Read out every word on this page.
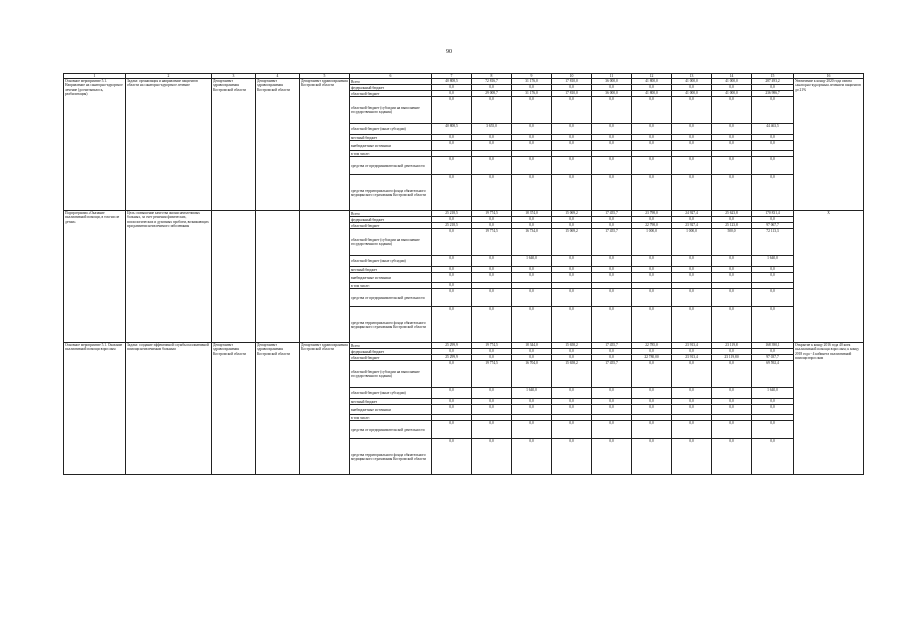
90
1	2	3	4	5	6	7	8	9	10	11	12	13	14	15	16
Основное мероприятие 5.1. Направление на санаторно-курортное лечение (досчитывалось, реабилитация)	Задача: организация и направление пациентов области на санаторно-курортное лечение	Департамент здравоохранения Костромской области	Департамент здравоохранения Костромской области	Департамент здравоохранения Костромской области	Всего	40 808,5	72 816,7	31 176,0	17 810,0	36 000,0	41 800,0	41 000,0	41 000,0	287 493,2	Увеличение к концу 2020 года охвата санаторно-курортным лечением пациентов до 21%
					федеральный бюджет	0,0	0,0	0,0	0,0	0,0	0,0	0,0	0,0	0,0	
					областной бюджет	0,0	29 008,7	31 176,0	17 810,0	36 000,0	41 800,0	41 000,0	41 000,0	236 986,7	
					областной бюджет (субсидии на выполнение государственного задания)	0,0	0,0	0,0	0,0	0,0	0,0	0,0	0,0	0,0	
					областной бюджет (иные субсидии)	40 808,5	3 655,0	0,0	0,0	0,0	0,0	0,0	0,0	44 463,5	
					местный бюджет	0,0	0,0	0,0	0,0	0,0	0,0	0,0	0,0	0,0	
					внебюджетные источники	0,0	0,0	0,0	0,0	0,0	0,0	0,0	0,0	0,0	
					в том числе:										
					средства от предпринимательской деятельности	0,0	0,0	0,0	0,0	0,0	0,0	0,0	0,0	0,0	
					средства территориального фонда обязательного медицинского страхования Костромской области	0,0	0,0	0,0	0,0	0,0	0,0	0,0	0,0	0,0	
Подпрограмма «Оказание паллиативной помощи, в том числе детям»	Цель: повышение качества жизни неизлечимых больных, за счет решения физических, психологических и духовных проблем, возникающих при развитии неизлечимого заболевания				Всего	25 218,5	19 774,5	18 374,0	15 069,2	17 455,7	23 798,0	24 927,4	25 623,8	170 831,4	Х
					федеральный бюджет	0,0	0,0	0,0	0,0	0,0	0,0	0,0	0,0	0,0	
					областной бюджет	25 218,5	0,0	0,0	0,0	0,0	22 798,0	23 927,4	25 123,8	97 067,7	
					областной бюджет (субсидии на выполнение государственного задания)	0,0	19 774,5	16 734,0	15 069,2	17 455,7	1 000,0	1 000,0	500,0	72 113,3	
					областной бюджет (иные субсидии)	0,0	0,0	1 640,0	0,0	0,0	0,0	0,0	0,0	1 640,0	
					местный бюджет	0,0	0,0	0,0	0,0	0,0	0,0	0,0	0,0	0,0	
					внебюджетные источники	0,0	0,0	0,0	0,0	0,0	0,0	0,0	0,0	0,0	
					в том числе:	0,0									
					средства от предпринимательской деятельности	0,0	0,0	0,0	0,0	0,0	0,0	0,0	0,0	0,0	
					средства территориального фонда обязательного медицинского страхования Костромской области	0,0	0,0	0,0	0,0	0,0	0,0	0,0	0,0	0,0	
Основное мероприятие 5.1. Оказание паллиативной помощи взрослым	Задача: создание эффективной службы паллиативной помощи неизлечимым больным	Департамент здравоохранения Костромской области	Департамент здравоохранения Костромской области	Департамент здравоохранения Костромской области	Всего	25 299,9	19 774,5	18 344,0	15 658,2	17 455,7	22 785,0	23 913,4	23 119,8	168 390,1	Открытие к концу 2016 года 40 коек паллиативной помощи взрослым; к концу 2018 года - 4 кабинета паллиативной помощи взрослым
					федеральный бюджет	0,0	0,0	0,0	0,0	0,0	0,0	0,0	0,0	0,0	
					областной бюджет	25 299,9	0,0	0,0	0,0	0,0	22 780,00	23 913,4	23 119,80	97 037,7	
					областной бюджет (субсидии на выполнение государственного задания)	0,0	19 774,5	16 704,0	15 658,2	17 455,7	0,0	0,0	0,0	69 592,4	
					областной бюджет (иные субсидии)	0,0	0,0	1 640,0	0,0	0,0	0,0	0,0	0,0	1 640,0	
					местный бюджет	0,0	0,0	0,0	0,0	0,0	0,0	0,0	0,0	0,0	
					внебюджетные источники	0,0	0,0	0,0	0,0	0,0	0,0	0,0	0,0	0,0	
					в том числе:										
					средства от предпринимательской деятельности	0,0	0,0	0,0	0,0	0,0	0,0	0,0	0,0	0,0	
					средства территориального фонда обязательного медицинского страхования Костромской области	0,0	0,0	0,0	0,0	0,0	0,0	0,0	0,0	0,0	
